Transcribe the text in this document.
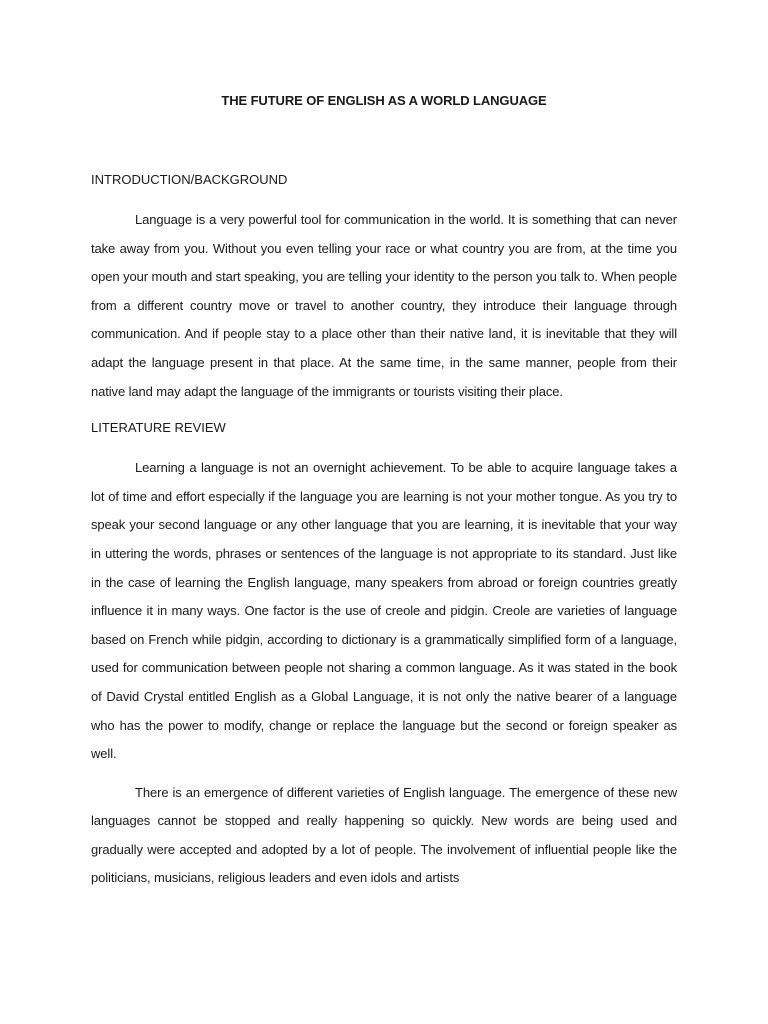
THE FUTURE OF ENGLISH AS A WORLD LANGUAGE
INTRODUCTION/BACKGROUND

Language is a very powerful tool for communication in the world. It is something that can never take away from you. Without you even telling your race or what country you are from, at the time you open your mouth and start speaking, you are telling your identity to the person you talk to. When people from a different country move or travel to another country, they introduce their language through communication. And if people stay to a place other than their native land, it is inevitable that they will adapt the language present in that place. At the same time, in the same manner, people from their native land may adapt the language of the immigrants or tourists visiting their place.

LITERATURE REVIEW

Learning a language is not an overnight achievement. To be able to acquire language takes a lot of time and effort especially if the language you are learning is not your mother tongue. As you try to speak your second language or any other language that you are learning, it is inevitable that your way in uttering the words, phrases or sentences of the language is not appropriate to its standard. Just like in the case of learning the English language, many speakers from abroad or foreign countries greatly influence it in many ways. One factor is the use of creole and pidgin. Creole are varieties of language based on French while pidgin, according to dictionary is a grammatically simplified form of a language, used for communication between people not sharing a common language. As it was stated in the book of David Crystal entitled English as a Global Language, it is not only the native bearer of a language who has the power to modify, change or replace the language but the second or foreign speaker as well.

There is an emergence of different varieties of English language. The emergence of these new languages cannot be stopped and really happening so quickly. New words are being used and gradually were accepted and adopted by a lot of people. The involvement of influential people like the politicians, musicians, religious leaders and even idols and artists
